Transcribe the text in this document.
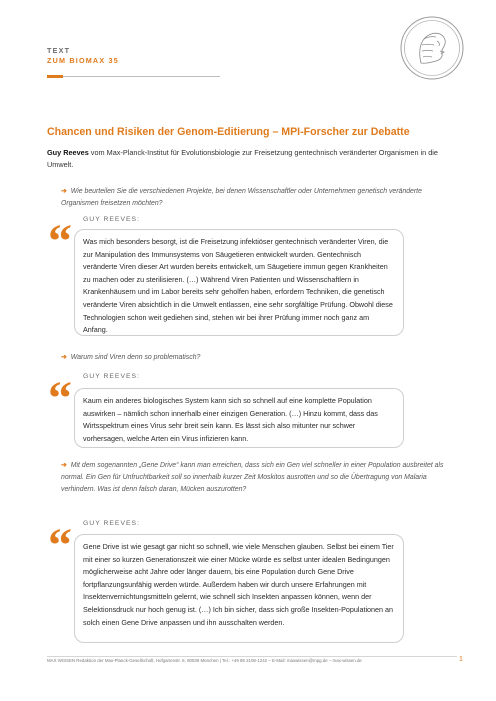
TEXT
ZUM BIOMAX 35
Chancen und Risiken der Genom-Editierung – MPI-Forscher zur Debatte
Guy Reeves vom Max-Planck-Institut für Evolutionsbiologie zur Freisetzung gentechnisch veränderter Organismen in die Umwelt.
➔ Wie beurteilen Sie die verschiedenen Projekte, bei denen Wissenschaftler oder Unternehmen genetisch veränderte Organismen freisetzen möchten?
GUY REEVES:
“	Was mich besonders besorgt, ist die Freisetzung infektiöser gentechnisch veränderter Viren, die zur Manipulation des Immunsystems von Säugetieren entwickelt wurden. Gentechnisch veränderte Viren dieser Art wurden bereits entwickelt, um Säugetiere immun gegen Krankheiten zu machen oder zu sterilisieren. (…) Während Viren Patienten und Wissenschaftlern in Krankenhäusern und im Labor bereits sehr geholfen haben, erfordern Techniken, die genetisch veränderte Viren absichtlich in die Umwelt entlassen, eine sehr sorgfältige Prüfung. Obwohl diese Technologien schon weit gediehen sind, stehen wir bei ihrer Prüfung immer noch ganz am Anfang.
➔ Warum sind Viren denn so problematisch?
GUY REEVES:
“	Kaum ein anderes biologisches System kann sich so schnell auf eine komplette Population auswirken – nämlich schon innerhalb einer einzigen Generation. (…) Hinzu kommt, dass das Wirtsspektrum eines Virus sehr breit sein kann. Es lässt sich also mitunter nur schwer vorhersagen, welche Arten ein Virus infizieren kann.
➔ Mit dem sogenannten „Gene Drive“ kann man erreichen, dass sich ein Gen viel schneller in einer Population ausbreitet als normal. Ein Gen für Unfruchtbarkeit soll so innerhalb kurzer Zeit Moskitos ausrotten und so die Übertragung von Malaria verhindern. Was ist denn falsch daran, Mücken auszurotten?
GUY REEVES:
“	Gene Drive ist wie gesagt gar nicht so schnell, wie viele Menschen glauben. Selbst bei einem Tier mit einer so kurzen Generationszeit wie einer Mücke würde es selbst unter idealen Bedingungen möglicherweise acht Jahre oder länger dauern, bis eine Population durch Gene Drive fortpflanzungsunfähig werden würde. Außerdem haben wir durch unsere Erfahrungen mit Insektenvernichtungsmitteln gelernt, wie schnell sich Insekten anpassen können, wenn der Selektionsdruck nur hoch genug ist. (…) Ich bin sicher, dass sich große Insekten-Populationen an solch einen Gene Drive anpassen und ihn ausschalten werden.
MAX WISSEN Redaktion der Max-Planck-Gesellschaft, Hofgartenstr. 8, 80539 München | Tel.: +49 89 2108-1242 – E-Mail: maxwissen@mpg.de – max-wissen.de	1
